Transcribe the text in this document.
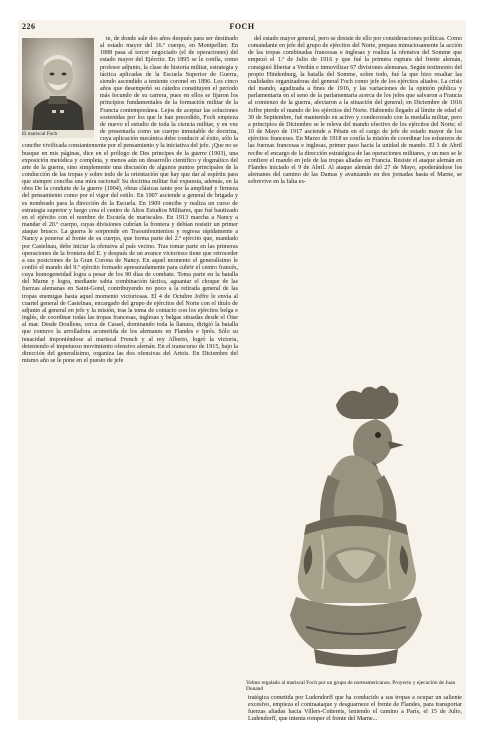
226	FOCH
El mariscal Foch

te, de donde sale dos años después para ser destinado al estado mayor del 16.º cuerpo, en Montpellier. En 1888 pasa al tercer negociado (el de operaciones) del estado mayor del Ejército. En 1895 se le confía, como profesor adjunto, la clase de historia militar, estrategia y táctica aplicadas de la Escuela Superior de Guerra, siendo ascendido a teniente coronel en 1896. Los cinco años que desempeñó su cátedra constituyen el período más fecundo de su carrera, pues en ellos se fijaron los principios fundamentales de la formación militar de la Francia contemporánea. Lejos de aceptar las soluciones sostenidas por los que le han precedido, Foch empieza de nuevo el estudio de toda la ciencia militar, y en vez de presentarla como un cuerpo inmutable de doctrina, cuya aplicación mecánica debe conducir al éxito, sólo la concibe vivificada constantemente por el pensamiento y la iniciativa del jefe. ¡Que no se busque en mis páginas, dice en el prólogo de Des principes de la guerre (1903), una exposición metódica y completa, y menos aún un desarrollo científico y dogmático del arte de la guerra, sino simplemente una discusión de algunos puntos principales de la conducción de las tropas y sobre todo de la orientación que hay que dar al espíritu para que siempre conciba una mira racional! Su doctrina militar fué expuesta, además, en la obra De la conduite de la guerre (1904), obras clásicas tanto por la amplitud y firmeza del pensamiento como por el vigor del estilo. En 1907 asciende a general de brigada y es nombrado para la dirección de la Escuela. En 1909 concibe y realiza un curso de estrategia superior y luego crea el centro de Altos Estudios Militares, que fué bautizado en el ejército con el nombre de Escuela de mariscales. En 1913 marcha a Nancy a mandar el 20.º cuerpo, cuyas divisiones cubrían la frontera y debían resistir un primer ataque brusco. La guerra le sorprende en Traounfeunteniou y regresa rápidamente a Nancy a ponerse al frente de su cuerpo, que forma parte del 2.º ejército que, mandado por Castelnau, debe iniciar la ofensiva al país vecino. Tras tomar parte en las primeras operaciones de la frontera del E. y después de un avance victorioso tiene que retroceder a sus posiciones de la Gran Corona de Nancy. En aquel momento el generalísimo le confió el mando del 9.º ejército formado apresuradamente para cubrir el centro francés, cuya homogeneidad logra a pesar de los 90 días de combate. Toma parte en la batalla del Marne y logra, mediante sabia combinación táctica, aguantar el choque de las fuerzas alemanas en Saint-Gond, contribuyendo no poco a la retirada general de las tropas enemigas hasta aquel momento victoriosas. El 4 de Octubre Joffre le envía al cuartel general de Castelnau, encargado del grupo de ejércitos del Norte con el título de adjunto al general en jefe y la misión, tras la toma de contacto con los ejércitos belga e inglés, de coordinar todas las tropas francesas, inglesas y belgas situadas desde el Oise al mar. Desde Doullens, cerca de Cassel, dominando toda la llanura, dirigió la batalla que contuvo la arrolladora acometida de los alemanes en Flandes e Iprés. Sólo su tenacidad imponiéndose al mariscal French y al rey Alberto, logró la victoria, deteniendo el impetuoso movimiento ofensivo alemán. En el transcurso de 1915, bajo la dirección del generalísimo, organiza las dos ofensivas del Artois. En Diciembre del mismo año se le pone en el puesto de jefe

del estado mayor general, pero se desiste de ello por consideraciones políticas. Como comandante en jefe del grupo de ejércitos del Norte, prepara minuciosamente la acción de las tropas combinadas francesas e inglesas y realiza la ofensiva del Somme que empezó el 1.º de Julio de 1916 y que fué la primera ruptura del frente alemán, consiguió libertar a Verdún e inmovilizar 67 divisiones alemanas. Según testimonio del propio Hindenburg, la batalla del Somme, sobre todo, fué la que hizo resaltar las cualidades organizadoras del general Foch como jefe de los ejércitos aliados. La crisis del mando, agudizada a fines de 1916, y las variaciones de la opinión pública y parlamentaria en el seno de la parlamentaria acerca de los jefes que salvaron a Francia al comienzo de la guerra, afectaron a la situación del general; en Diciembre de 1916 Joffre pierde el mando de los ejércitos del Norte. Habiendo llegado al límite de edad el 30 de Septiembre, fué mantenido en activo y condecorado con la medalla militar, pero a principios de Diciembre se le releva del mando efectivo de los ejércitos del Norte; el 10 de Mayo de 1917 asciende a Pétain en el cargo de jefe de estado mayor de los ejércitos franceses. En Marzo de 1918 se confía la misión de coordinar los esfuerzos de las fuerzas francesas e inglesas, primer paso hacia la unidad de mando. El 3 de Abril recibe el encargo de la dirección estratégica de las operaciones militares, y un mes se le confiere el mando en jefe de las tropas aliadas en Francia. Resiste el ataque alemán en Flandes iniciado el 9 de Abril. Al ataque alemán del 27 de Mayo, apoderándose los alemanes del camino de las Damas y avanzando en dos jornadas hasta el Marne, se sobrevive en la falta es-

Yelmo regalado al mariscal Foch por un grupo de norteamericanos. Proyecto y ejecución de Juan Dunand

tratégica cometida por Ludendorff que ha conducido a sus tropas a ocupar un saliente excesivo, empieza el contraataque y desguarnece el frente de Flandes, para transportar fuerzas aliadas hacia Villers-Cotterets, teniendo el camino a París, el 15 de Julio, Ludendorff, que intenta romper el frente del Marne...
